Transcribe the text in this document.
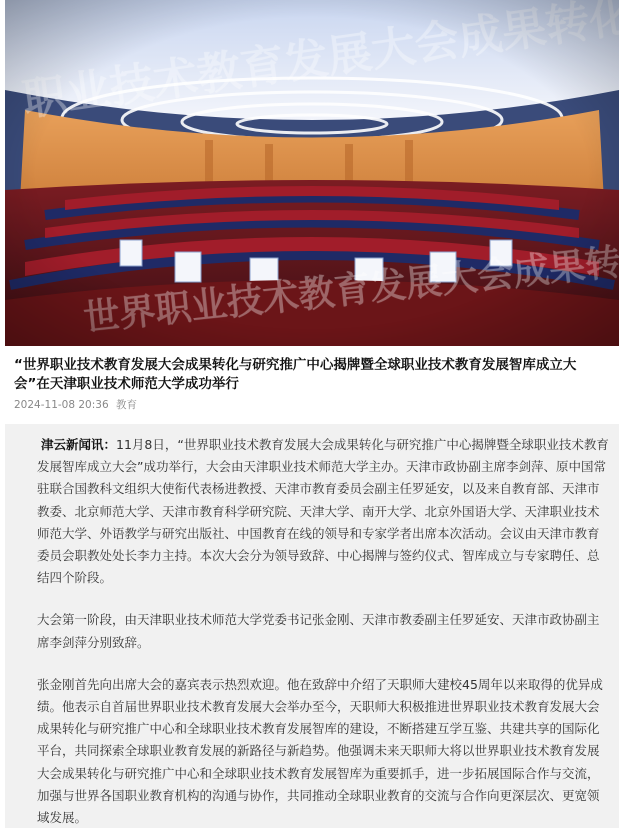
“世界职业技术教育发展大会成果转化与研究推广中心揭牌暨全球职业技术教育发展智库成立大会”在天津职业技术师范大学成功举行
2024-11-08 20:36 教育

津云新闻讯：11月8日，“世界职业技术教育发展大会成果转化与研究推广中心揭牌暨全球职业技术教育发展智库成立大会”成功举行，大会由天津职业技术师范大学主办。天津市政协副主席李剑萍、原中国常驻联合国教科文组织大使衔代表杨进教授、天津市教育委员会副主任罗延安，以及来自教育部、天津市教委、北京师范大学、天津市教育科学研究院、天津大学、南开大学、北京外国语大学、天津职业技术师范大学、外语教学与研究出版社、中国教育在线的领导和专家学者出席本次活动。会议由天津市教育委员会职教处处长李力主持。本次大会分为领导致辞、中心揭牌与签约仪式、智库成立与专家聘任、总结四个阶段。

大会第一阶段，由天津职业技术师范大学党委书记张金刚、天津市教委副主任罗延安、天津市政协副主席李剑萍分别致辞。

张金刚首先向出席大会的嘉宾表示热烈欢迎。他在致辞中介绍了天职师大建校45周年以来取得的优异成绩。他表示自首届世界职业技术教育发展大会举办至今，天职师大积极推进世界职业技术教育发展大会成果转化与研究推广中心和全球职业技术教育发展智库的建设，不断搭建互学互鉴、共建共享的国际化平台，共同探索全球职业教育发展的新路径与新趋势。他强调未来天职师大将以世界职业技术教育发展大会成果转化与研究推广中心和全球职业技术教育发展智库为重要抓手，进一步拓展国际合作与交流，加强与世界各国职业教育机构的沟通与协作，共同推动全球职业教育的交流与合作向更深层次、更宽领域发展。
